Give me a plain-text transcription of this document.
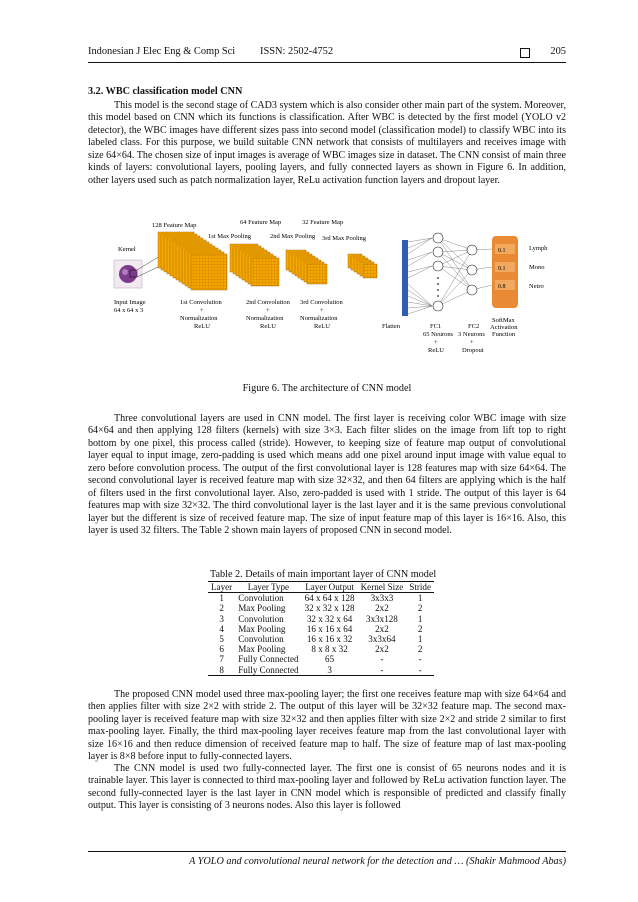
Indonesian J Elec Eng & Comp Sci ISSN: 2502-4752	205
3.2. WBC classification model CNN

This model is the second stage of CAD3 system which is also consider other main part of the system. Moreover, this model based on CNN which its functions is classification. After WBC is detected by the first model (YOLO v2 detector), the WBC images have different sizes pass into second model (classification model) to classify WBC into its labeled class. For this purpose, we build suitable CNN network that consists of multilayers and receives image with size 64×64. The chosen size of input images is average of WBC images size in dataset. The CNN consist of main three kinds of layers: convolutional layers, pooling layers, and fully connected layers as shown in Figure 6. In addition, other layers used such as patch normalization layer, ReLu activation function layers and dropout layer.

128 Feature Map	64 Feature Map	32 Feature Map
1st Max Pooling	2nd Max Pooling 3rd Max Pooling
Kernel
Input Image
64 x 64 x 3
1st Convolution
+
Normalization
ReLU
2nd Convolution
+
Normalization
ReLU
3rd Convolution
+
Normalization
ReLU	Flatten	FC1
65 Neurons
+
ReLU
FC2
3 Neurons
+
Dropout
0.1
0.1
0.8
Lymph
Mono
Netro
SoftMax
Activation
Function
Figure 6. The architecture of CNN model

Three convolutional layers are used in CNN model. The first layer is receiving color WBC image with size 64×64 and then applying 128 filters (kernels) with size 3×3. Each filter slides on the image from lift top to right bottom by one pixel, this process called (stride). However, to keeping size of feature map output of convolutional layer equal to input image, zero-padding is used which means add one pixel around input image with value equal to zero before convolution process. The output of the first convolutional layer is 128 features map with size 64×64. The second convolutional layer is received feature map with size 32×32, and then 64 filters are applying which is the half of filters used in the first convolutional layer. Also, zero-padded is used with 1 stride. The output of this layer is 64 features map with size 32×32. The third convolutional layer is the last layer and it is the same previous convolutional layer but the different is size of received feature map. The size of input feature map of this layer is 16×16. Also, this layer is used 32 filters. The Table 2 shown main layers of proposed CNN in second model.

Table 2. Details of main important layer of CNN model
Layer	Layer Type	Layer Output	Kernel Size	Stride
1	Convolution	64 x 64 x 128	3x3x3	1
2	Max Pooling	32 x 32 x 128	2x2	2
3	Convolution	32 x 32 x 64	3x3x128	1
4	Max Pooling	16 x 16 x 64	2x2	2
5	Convolution	16 x 16 x 32	3x3x64	1
6	Max Pooling	8 x 8 x 32	2x2	2
7	Fully Connected	65	-	-
8	Fully Connected	3	-	-

The proposed CNN model used three max-pooling layer; the first one receives feature map with size 64×64 and then applies filter with size 2×2 with stride 2. The output of this layer will be 32×32 feature map. The second max-pooling layer is received feature map with size 32×32 and then applies filter with size 2×2 and stride 2 similar to first max-pooling layer. Finally, the third max-pooling layer receives feature map from the last convolutional layer with size 16×16 and then reduce dimension of received feature map to half. The size of feature map of last max-pooling layer is 8×8 before input to fully-connected layers.

The CNN model is used two fully-connected layer. The first one is consist of 65 neurons nodes and it is trainable layer. This layer is connected to third max-pooling layer and followed by ReLu activation function layer. The second fully-connected layer is the last layer in CNN model which is responsible of predicted and classify finally output. This layer is consisting of 3 neurons nodes. Also this layer is followed

A YOLO and convolutional neural network for the detection and … (Shakir Mahmood Abas)
